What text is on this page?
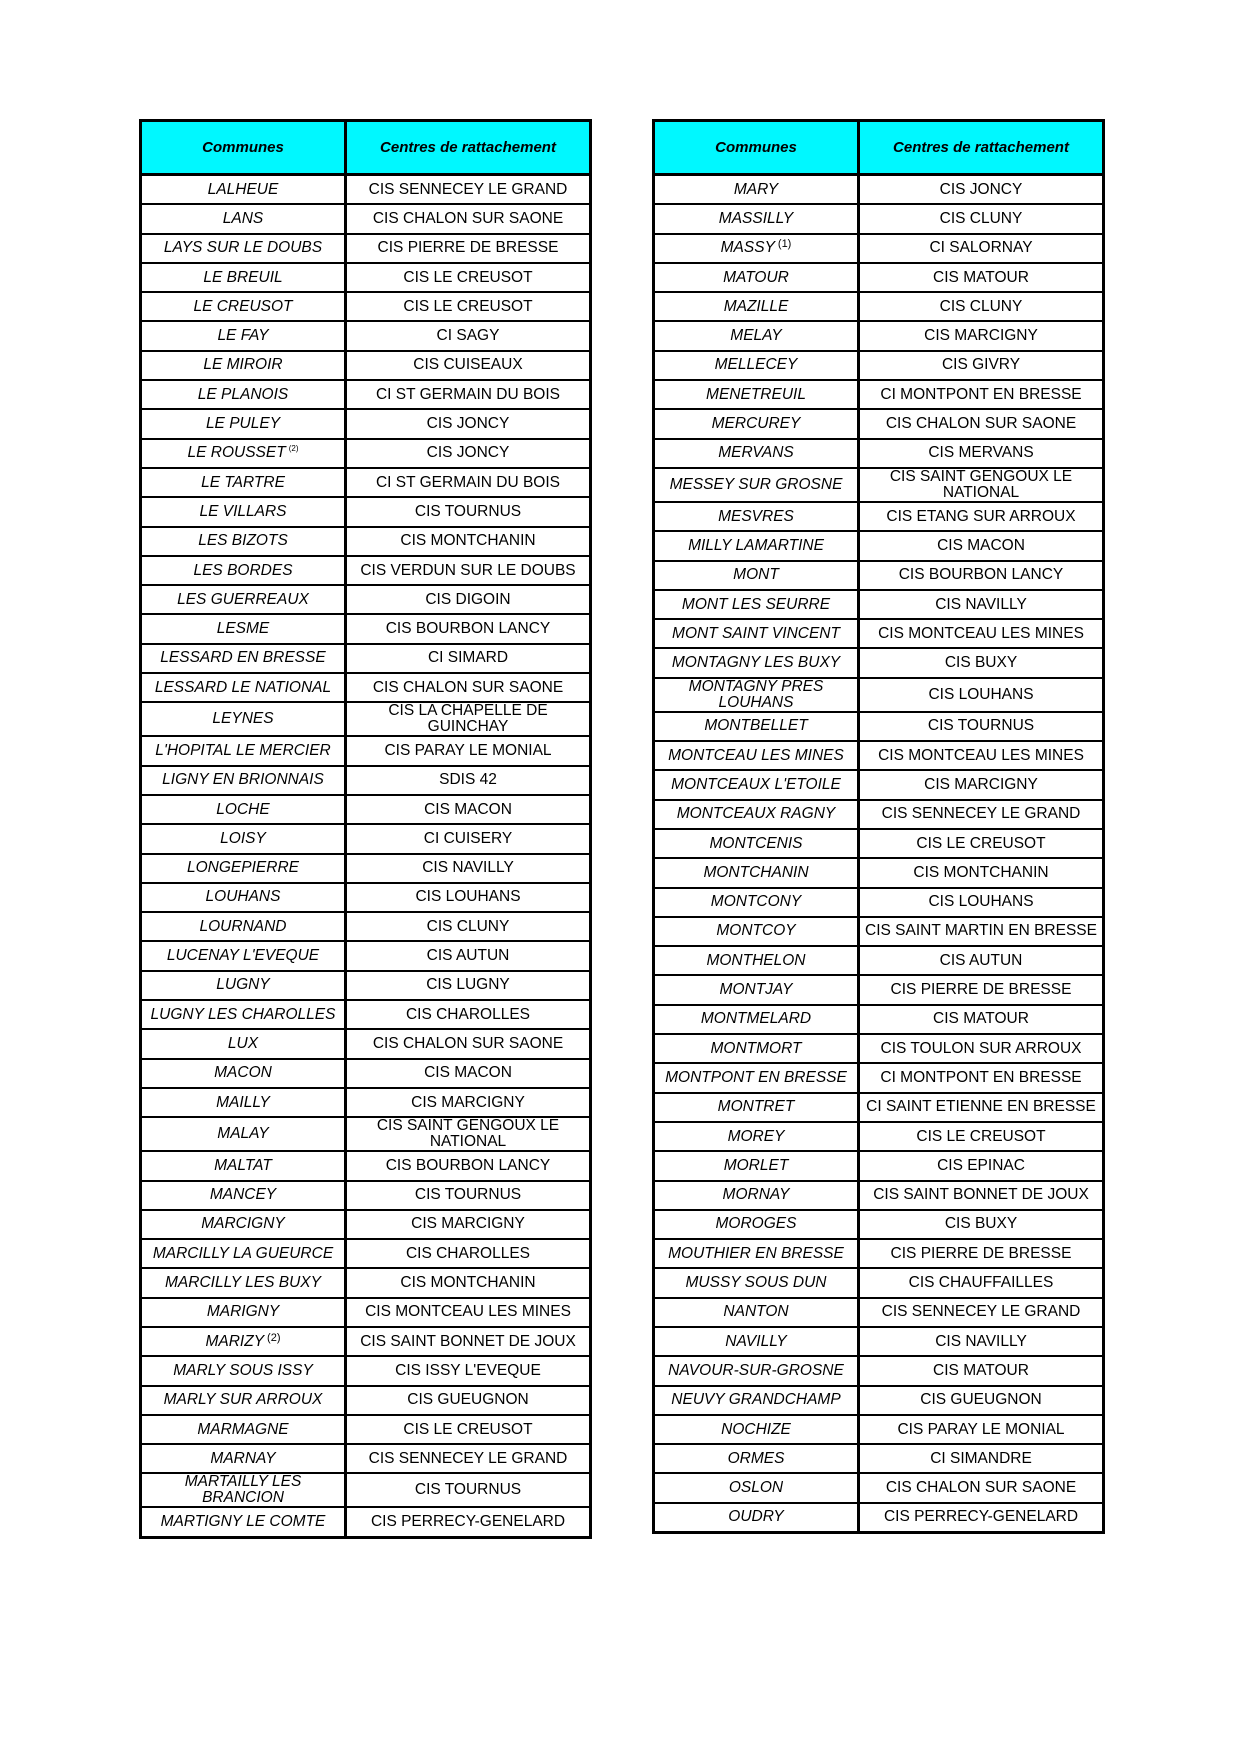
Communes	Centres de rattachement
LALHEUE	CIS SENNECEY LE GRAND
LANS	CIS CHALON SUR SAONE
LAYS SUR LE DOUBS	CIS PIERRE DE BRESSE
LE BREUIL	CIS LE CREUSOT
LE CREUSOT	CIS LE CREUSOT
LE FAY	CI SAGY
LE MIROIR	CIS CUISEAUX
LE PLANOIS	CI ST GERMAIN DU BOIS
LE PULEY	CIS JONCY
LE ROUSSET $^{(2)}$	CIS JONCY
LE TARTRE	CI ST GERMAIN DU BOIS
LE VILLARS	CIS TOURNUS
LES BIZOTS	CIS MONTCHANIN
LES BORDES	CIS VERDUN SUR LE DOUBS
LES GUERREAUX	CIS DIGOIN
LESME	CIS BOURBON LANCY
LESSARD EN BRESSE	CI SIMARD
LESSARD LE NATIONAL	CIS CHALON SUR SAONE
LEYNES	CIS LA CHAPELLE DE GUINCHAY
L'HOPITAL LE MERCIER	CIS PARAY LE MONIAL
LIGNY EN BRIONNAIS	SDIS 42
LOCHE	CIS MACON
LOISY	CI CUISERY
LONGEPIERRE	CIS NAVILLY
LOUHANS	CIS LOUHANS
LOURNAND	CIS CLUNY
LUCENAY L'EVEQUE	CIS AUTUN
LUGNY	CIS LUGNY
LUGNY LES CHAROLLES	CIS CHAROLLES
LUX	CIS CHALON SUR SAONE
MACON	CIS MACON
MAILLY	CIS MARCIGNY
MALAY	CIS SAINT GENGOUX LE NATIONAL
MALTAT	CIS BOURBON LANCY
MANCEY	CIS TOURNUS
MARCIGNY	CIS MARCIGNY
MARCILLY LA GUEURCE	CIS CHAROLLES
MARCILLY LES BUXY	CIS MONTCHANIN
MARIGNY	CIS MONTCEAU LES MINES
MARIZY $^{(2)}$	CIS SAINT BONNET DE JOUX
MARLY SOUS ISSY	CIS ISSY L'EVEQUE
MARLY SUR ARROUX	CIS GUEUGNON
MARMAGNE	CIS LE CREUSOT
MARNAY	CIS SENNECEY LE GRAND
MARTAILLY LES BRANCION	CIS TOURNUS
MARTIGNY LE COMTE	CIS PERRECY-GENELARD
Communes	Centres de rattachement
MARY	CIS JONCY
MASSILLY	CIS CLUNY
MASSY $^{(1)}$	CI SALORNAY
MATOUR	CIS MATOUR
MAZILLE	CIS CLUNY
MELAY	CIS MARCIGNY
MELLECEY	CIS GIVRY
MENETREUIL	CI MONTPONT EN BRESSE
MERCUREY	CIS CHALON SUR SAONE
MERVANS	CIS MERVANS
MESSEY SUR GROSNE	CIS SAINT GENGOUX LE NATIONAL
MESVRES	CIS ETANG SUR ARROUX
MILLY LAMARTINE	CIS MACON
MONT	CIS BOURBON LANCY
MONT LES SEURRE	CIS NAVILLY
MONT SAINT VINCENT	CIS MONTCEAU LES MINES
MONTAGNY LES BUXY	CIS BUXY
MONTAGNY PRES LOUHANS	CIS LOUHANS
MONTBELLET	CIS TOURNUS
MONTCEAU LES MINES	CIS MONTCEAU LES MINES
MONTCEAUX L'ETOILE	CIS MARCIGNY
MONTCEAUX RAGNY	CIS SENNECEY LE GRAND
MONTCENIS	CIS LE CREUSOT
MONTCHANIN	CIS MONTCHANIN
MONTCONY	CIS LOUHANS
MONTCOY	CIS SAINT MARTIN EN BRESSE
MONTHELON	CIS AUTUN
MONTJAY	CIS PIERRE DE BRESSE
MONTMELARD	CIS MATOUR
MONTMORT	CIS TOULON SUR ARROUX
MONTPONT EN BRESSE	CI MONTPONT EN BRESSE
MONTRET	CI SAINT ETIENNE EN BRESSE
MOREY	CIS LE CREUSOT
MORLET	CIS EPINAC
MORNAY	CIS SAINT BONNET DE JOUX
MOROGES	CIS BUXY
MOUTHIER EN BRESSE	CIS PIERRE DE BRESSE
MUSSY SOUS DUN	CIS CHAUFFAILLES
NANTON	CIS SENNECEY LE GRAND
NAVILLY	CIS NAVILLY
NAVOUR-SUR-GROSNE	CIS MATOUR
NEUVY GRANDCHAMP	CIS GUEUGNON
NOCHIZE	CIS PARAY LE MONIAL
ORMES	CI SIMANDRE
OSLON	CIS CHALON SUR SAONE
OUDRY	CIS PERRECY-GENELARD
